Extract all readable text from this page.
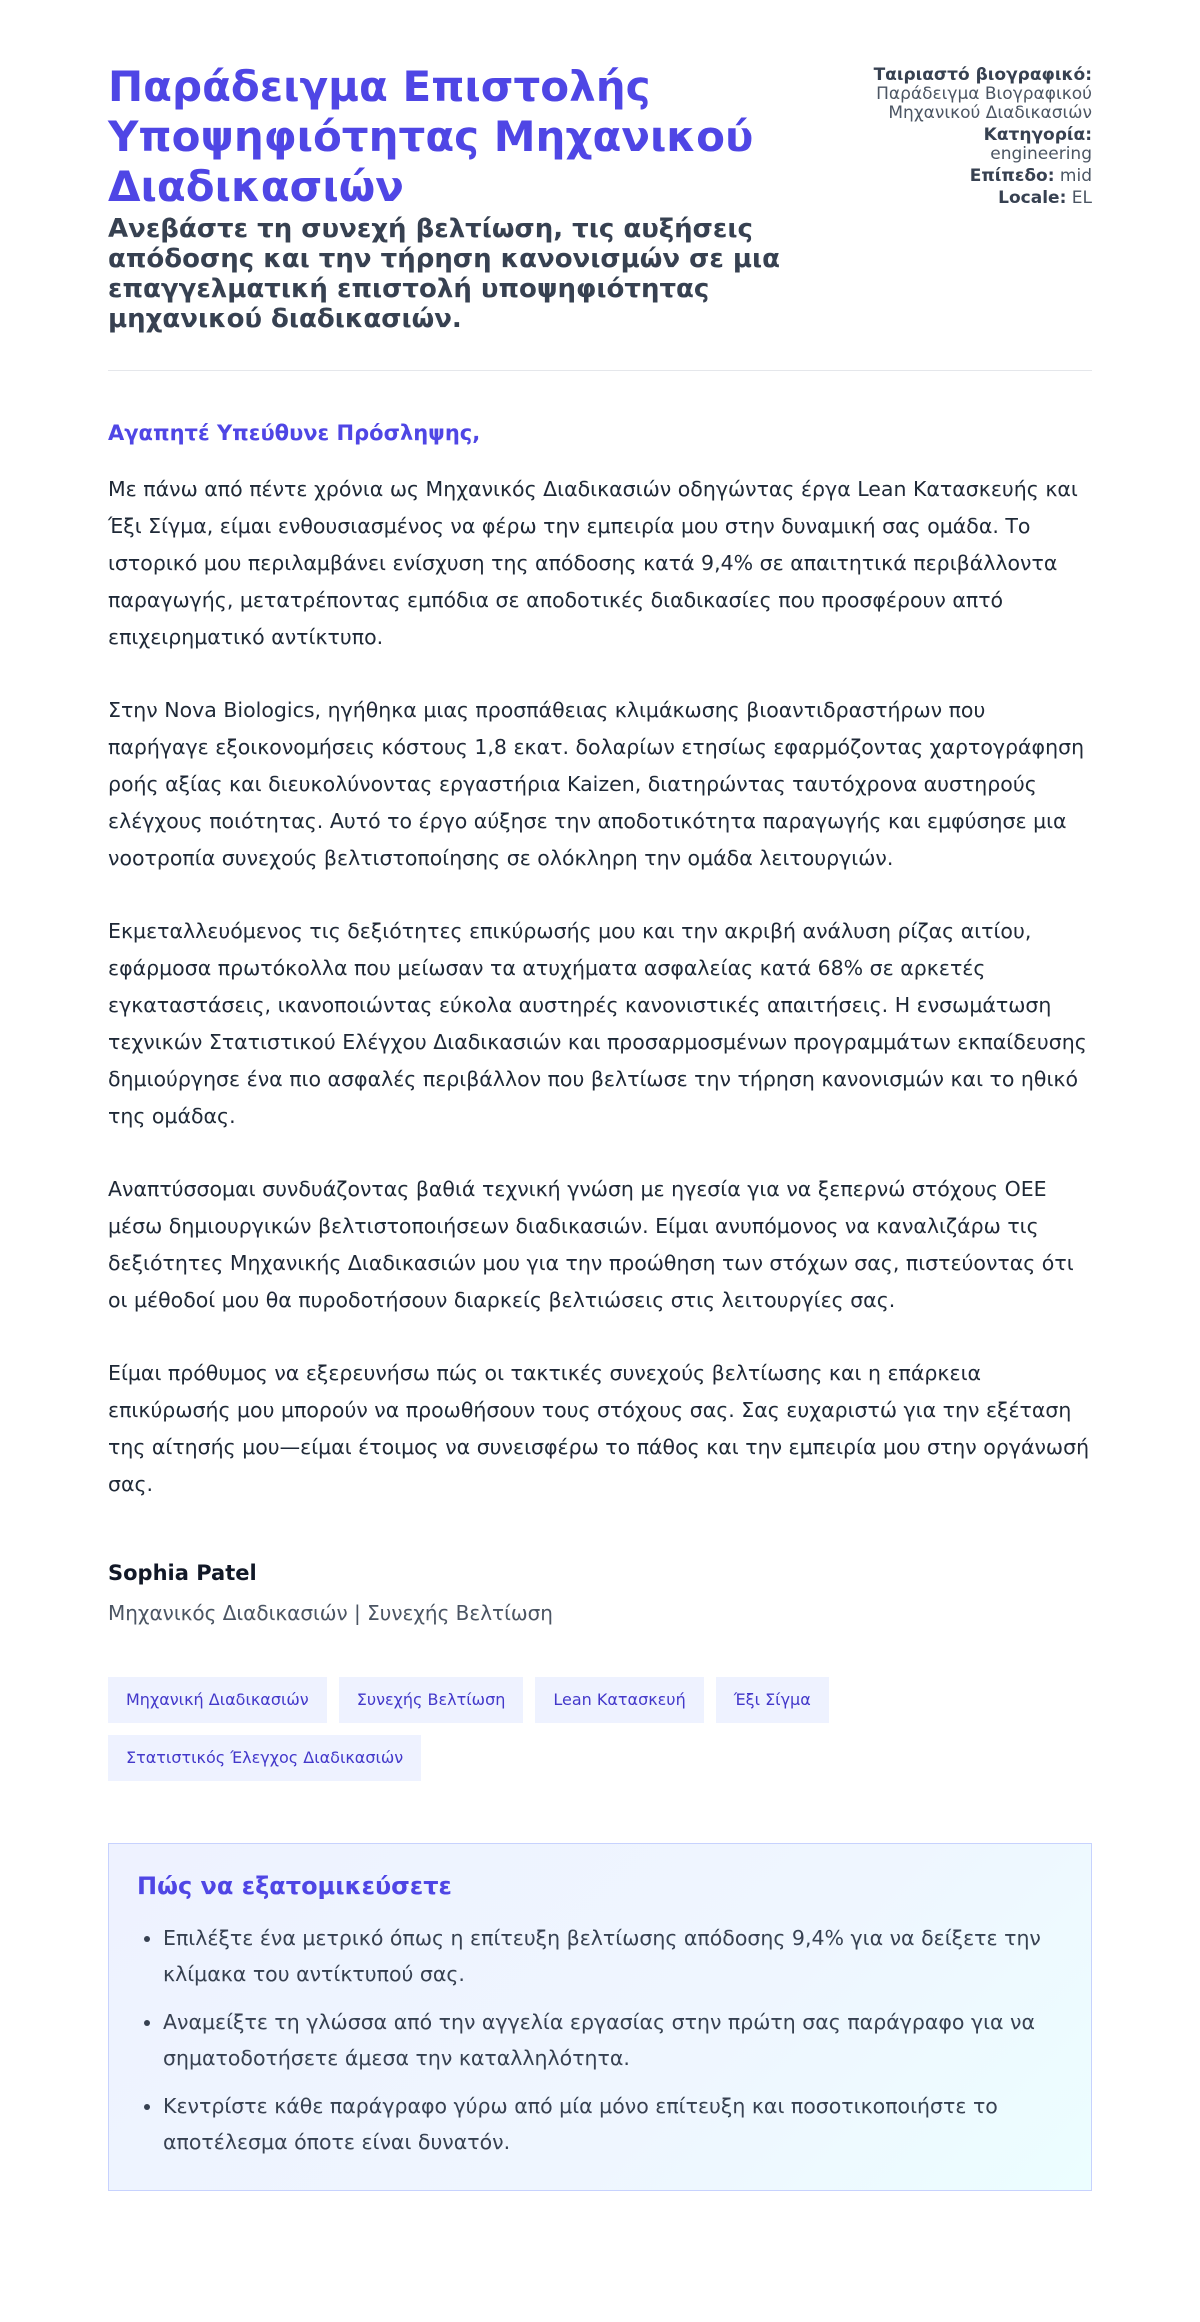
Παράδειγμα Επιστολής Υποψηφιότητας Μηχανικού Διαδικασιών
Ανεβάστε τη συνεχή βελτίωση, τις αυξήσεις απόδοσης και την τήρηση κανονισμών σε μια επαγγελματική επιστολή υποψηφιότητας μηχανικού διαδικασιών.
Ταιριαστό βιογραφικό:
Παράδειγμα Βιογραφικού Μηχανικού Διαδικασιών
Κατηγορία:
engineering
Επίπεδο: mid
Locale: EL

Αγαπητέ Υπεύθυνε Πρόσληψης,

Με πάνω από πέντε χρόνια ως Μηχανικός Διαδικασιών οδηγώντας έργα Lean Κατασκευής και Έξι Σίγμα, είμαι ενθουσιασμένος να φέρω την εμπειρία μου στην δυναμική σας ομάδα. Το ιστορικό μου περιλαμβάνει ενίσχυση της απόδοσης κατά 9,4% σε απαιτητικά περιβάλλοντα παραγωγής, μετατρέποντας εμπόδια σε αποδοτικές διαδικασίες που προσφέρουν απτό επιχειρηματικό αντίκτυπο.

Στην Nova Biologics, ηγήθηκα μιας προσπάθειας κλιμάκωσης βιοαντιδραστήρων που παρήγαγε εξοικονομήσεις κόστους 1,8 εκατ. δολαρίων ετησίως εφαρμόζοντας χαρτογράφηση ροής αξίας και διευκολύνοντας εργαστήρια Kaizen, διατηρώντας ταυτόχρονα αυστηρούς ελέγχους ποιότητας. Αυτό το έργο αύξησε την αποδοτικότητα παραγωγής και εμφύσησε μια νοοτροπία συνεχούς βελτιστοποίησης σε ολόκληρη την ομάδα λειτουργιών.

Εκμεταλλευόμενος τις δεξιότητες επικύρωσής μου και την ακριβή ανάλυση ρίζας αιτίου, εφάρμοσα πρωτόκολλα που μείωσαν τα ατυχήματα ασφαλείας κατά 68% σε αρκετές εγκαταστάσεις, ικανοποιώντας εύκολα αυστηρές κανονιστικές απαιτήσεις. Η ενσωμάτωση τεχνικών Στατιστικού Ελέγχου Διαδικασιών και προσαρμοσμένων προγραμμάτων εκπαίδευσης δημιούργησε ένα πιο ασφαλές περιβάλλον που βελτίωσε την τήρηση κανονισμών και το ηθικό της ομάδας.

Αναπτύσσομαι συνδυάζοντας βαθιά τεχνική γνώση με ηγεσία για να ξεπερνώ στόχους OEE μέσω δημιουργικών βελτιστοποιήσεων διαδικασιών. Είμαι ανυπόμονος να καναλιζάρω τις δεξιότητες Μηχανικής Διαδικασιών μου για την προώθηση των στόχων σας, πιστεύοντας ότι οι μέθοδοί μου θα πυροδοτήσουν διαρκείς βελτιώσεις στις λειτουργίες σας.

Είμαι πρόθυμος να εξερευνήσω πώς οι τακτικές συνεχούς βελτίωσης και η επάρκεια επικύρωσής μου μπορούν να προωθήσουν τους στόχους σας. Σας ευχαριστώ για την εξέταση της αίτησής μου—είμαι έτοιμος να συνεισφέρω το πάθος και την εμπειρία μου στην οργάνωσή σας.

Sophia Patel
Μηχανικός Διαδικασιών | Συνεχής Βελτίωση
Μηχανική Διαδικασιών	Συνεχής Βελτίωση	Lean Κατασκευή	Έξι Σίγμα
Στατιστικός Έλεγχος Διαδικασιών
Πώς να εξατομικεύσετε
• Επιλέξτε ένα μετρικό όπως η επίτευξη βελτίωσης απόδοσης 9,4% για να δείξετε την κλίμακα του αντίκτυπού σας.
• Αναμείξτε τη γλώσσα από την αγγελία εργασίας στην πρώτη σας παράγραφο για να σηματοδοτήσετε άμεσα την καταλληλότητα.
• Κεντρίστε κάθε παράγραφο γύρω από μία μόνο επίτευξη και ποσοτικοποιήστε το αποτέλεσμα όποτε είναι δυνατόν.
